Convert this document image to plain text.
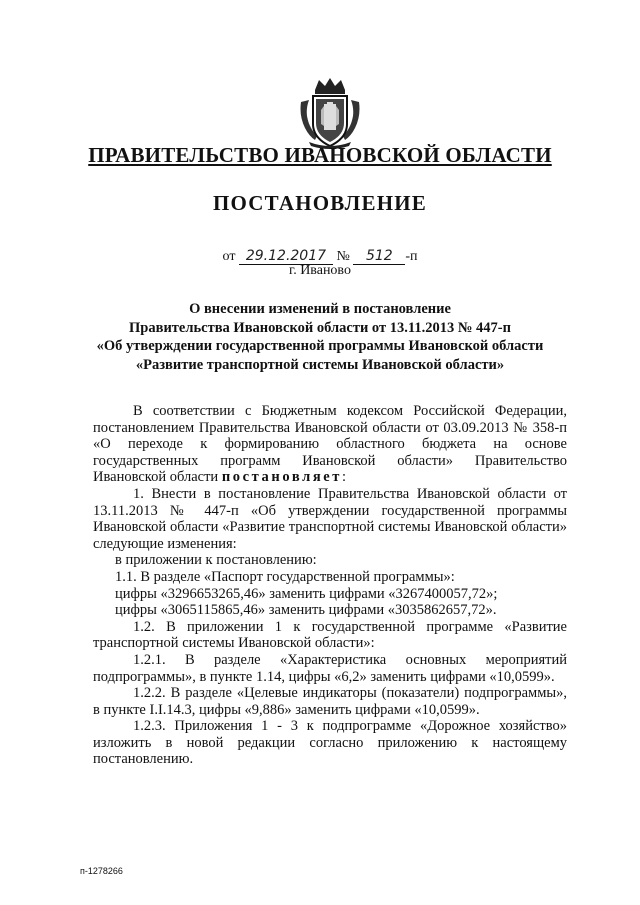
ПРАВИТЕЛЬСТВО ИВАНОВСКОЙ ОБЛАСТИ
ПОСТАНОВЛЕНИЕ
от 29.12.2017 № 512 -п
г. Иваново
О внесении изменений в постановление
Правительства Ивановской области от 13.11.2013 № 447-п
«Об утверждении государственной программы Ивановской области
«Развитие транспортной системы Ивановской области»

В соответствии с Бюджетным кодексом Российской Федерации, постановлением Правительства Ивановской области от 03.09.2013 № 358-п «О переходе к формированию областного бюджета на основе государственных программ Ивановской области» Правительство Ивановской области постановляет:

1. Внести в постановление Правительства Ивановской области от 13.11.2013 № 447-п «Об утверждении государственной программы Ивановской области «Развитие транспортной системы Ивановской области» следующие изменения:

в приложении к постановлению:

1.1. В разделе «Паспорт государственной программы»:

цифры «3296653265,46» заменить цифрами «3267400057,72»;

цифры «3065115865,46» заменить цифрами «3035862657,72».

1.2. В приложении 1 к государственной программе «Развитие транспортной системы Ивановской области»:

1.2.1. В разделе «Характеристика основных мероприятий подпрограммы», в пункте 1.14, цифры «6,2» заменить цифрами «10,0599».

1.2.2. В разделе «Целевые индикаторы (показатели) подпрограммы», в пункте I.I.14.3, цифры «9,886» заменить цифрами «10,0599».

1.2.3. Приложения 1 - 3 к подпрограмме «Дорожное хозяйство» изложить в новой редакции согласно приложению к настоящему постановлению.

п-1278266
